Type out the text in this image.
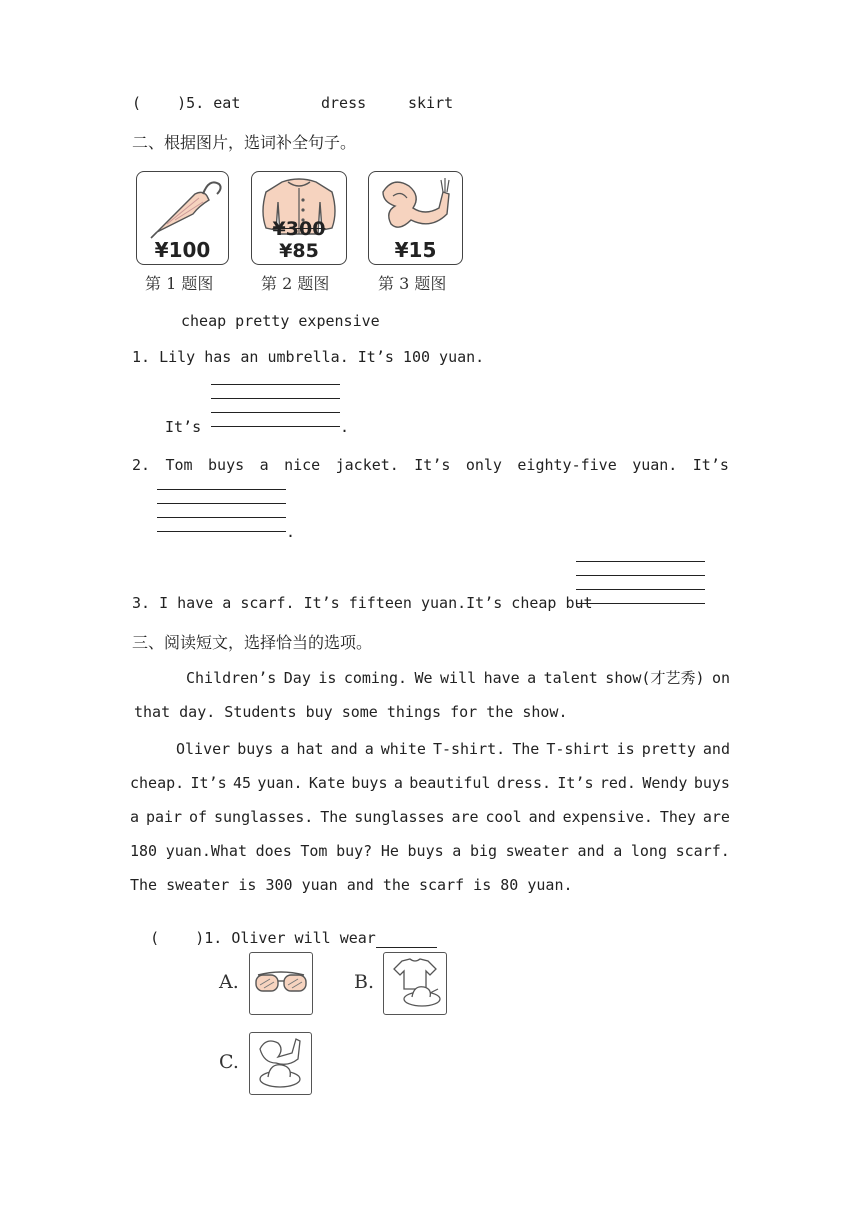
(    )5. eat	dress	skirt
二、根据图片，选词补全句子。
¥100
¥300 ¥85	¥15
第 1 题图	第 2 题图	第 3 题图
cheap pretty expensive
1. Lily has an umbrella. It’s 100 yuan.
It’s	.
2. Tom buys a nice jacket. It’s only eighty-five yuan. It’s
.
3. I have a scarf. It’s fifteen yuan.It’s cheap but
三、阅读短文，选择恰当的选项。
Children’s Day is coming. We will have a talent show(才艺秀) on
that day. Students buy some things for the show.
Oliver buys a hat and a white T-shirt. The T-shirt is pretty and
cheap. It’s 45 yuan. Kate buys a beautiful dress. It’s red. Wendy buys
a pair of sunglasses. The sunglasses are cool and expensive. They are
180 yuan.What does Tom buy? He buys a big sweater and a long scarf.
The sweater is 300 yuan and the scarf is 80 yuan.

(    )1. Oliver will wear

A.	B.
C.
